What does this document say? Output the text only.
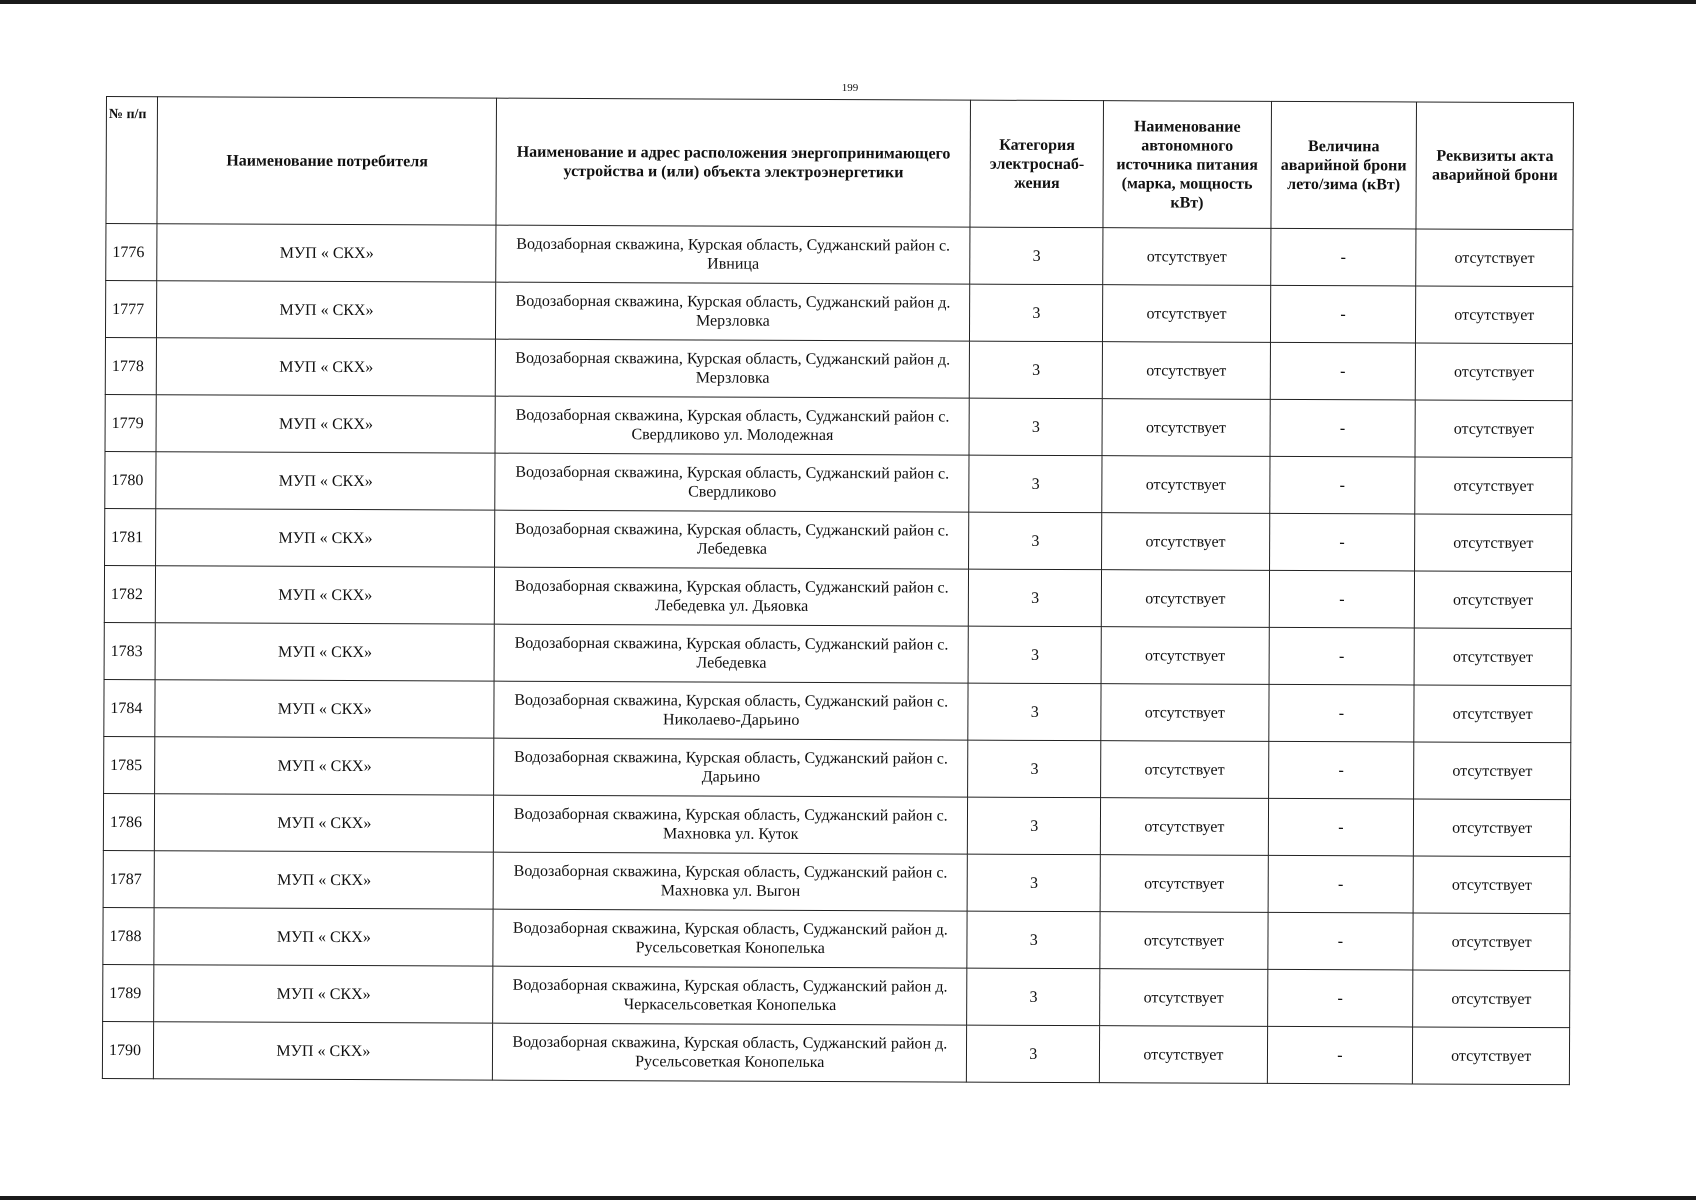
199
№ п/п	Наименование потребителя	Наименование и адрес расположения энергопринимающего устройства и (или) объекта электроэнергетики	Категория электроснаб-жения	Наименование автономного источника питания (марка, мощность кВт)	Величина аварийной брони лето/зима (кВт)	Реквизиты акта аварийной брони
1776	МУП « СКХ»	Водозаборная скважина, Курская область, Суджанский район с. Ивница	3	отсутствует	-	отсутствует
1777	МУП « СКХ»	Водозаборная скважина, Курская область, Суджанский район д. Мерзловка	3	отсутствует	-	отсутствует
1778	МУП « СКХ»	Водозаборная скважина, Курская область, Суджанский район д. Мерзловка	3	отсутствует	-	отсутствует
1779	МУП « СКХ»	Водозаборная скважина, Курская область, Суджанский район с. Свердликово ул. Молодежная	3	отсутствует	-	отсутствует
1780	МУП « СКХ»	Водозаборная скважина, Курская область, Суджанский район с. Свердликово	3	отсутствует	-	отсутствует
1781	МУП « СКХ»	Водозаборная скважина, Курская область, Суджанский район с. Лебедевка	3	отсутствует	-	отсутствует
1782	МУП « СКХ»	Водозаборная скважина, Курская область, Суджанский район с. Лебедевка ул. Дьяовка	3	отсутствует	-	отсутствует
1783	МУП « СКХ»	Водозаборная скважина, Курская область, Суджанский район с. Лебедевка	3	отсутствует	-	отсутствует
1784	МУП « СКХ»	Водозаборная скважина, Курская область, Суджанский район с. Николаево-Дарьино	3	отсутствует	-	отсутствует
1785	МУП « СКХ»	Водозаборная скважина, Курская область, Суджанский район с. Дарьино	3	отсутствует	-	отсутствует
1786	МУП « СКХ»	Водозаборная скважина, Курская область, Суджанский район с. Махновка ул. Куток	3	отсутствует	-	отсутствует
1787	МУП « СКХ»	Водозаборная скважина, Курская область, Суджанский район с. Махновка ул. Выгон	3	отсутствует	-	отсутствует
1788	МУП « СКХ»	Водозаборная скважина, Курская область, Суджанский район д. Русельсоветкая Конопелька	3	отсутствует	-	отсутствует
1789	МУП « СКХ»	Водозаборная скважина, Курская область, Суджанский район д. Черкасельсоветкая Конопелька	3	отсутствует	-	отсутствует
1790	МУП « СКХ»	Водозаборная скважина, Курская область, Суджанский район д. Русельсоветкая Конопелька	3	отсутствует	-	отсутствует
